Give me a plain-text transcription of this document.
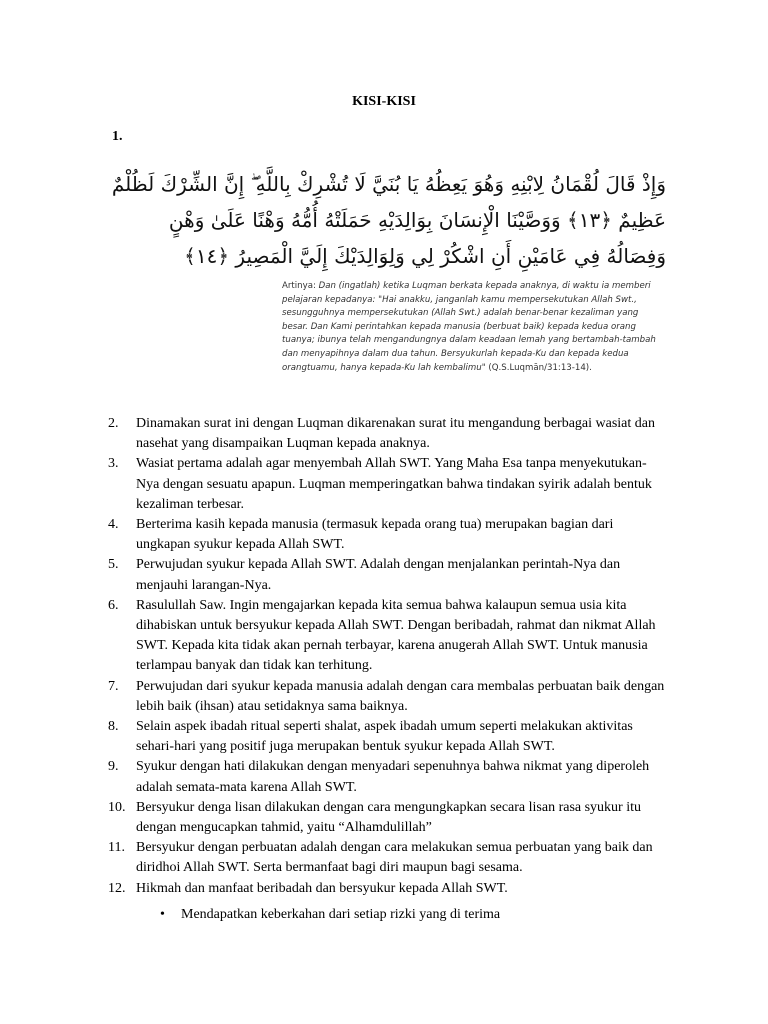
KISI-KISI
1.
وَإِذْ قَالَ لُقْمَانُ لِابْنِهِ وَهُوَ يَعِظُهُ يَا بُنَيَّ لَا تُشْرِكْ بِاللَّهِ ۖ إِنَّ الشِّرْكَ لَظُلْمٌ
عَظِيمٌ ﴿١٣﴾ وَوَصَّيْنَا الْإِنسَانَ بِوَالِدَيْهِ حَمَلَتْهُ أُمُّهُ وَهْنًا عَلَىٰ وَهْنٍ
وَفِصَالُهُ فِي عَامَيْنِ أَنِ اشْكُرْ لِي وَلِوَالِدَيْكَ إِلَيَّ الْمَصِيرُ ﴿١٤﴾
Artinya: Dan (ingatlah) ketika Luqman berkata kepada anaknya, di waktu ia memberi pelajaran kepadanya: "Hai anakku, janganlah kamu mempersekutukan Allah Swt., sesungguhnya mempersekutukan (Allah Swt.) adalah benar-benar kezaliman yang besar. Dan Kami perintahkan kepada manusia (berbuat baik) kepada kedua orang tuanya; ibunya telah mengandungnya dalam keadaan lemah yang bertambah-tambah dan menyapihnya dalam dua tahun. Bersyukurlah kepada-Ku dan kepada kedua orangtuamu, hanya kepada-Ku lah kembalimu" (Q.S.Luqmān/31:13-14).
2.	Dinamakan surat ini dengan Luqman dikarenakan surat itu mengandung berbagai wasiat dan nasehat yang disampaikan Luqman kepada anaknya.
3.	Wasiat pertama adalah agar menyembah Allah SWT. Yang Maha Esa tanpa menyekutukan-Nya dengan sesuatu apapun. Luqman memperingatkan bahwa tindakan syirik adalah bentuk kezaliman terbesar.
4.	Berterima kasih kepada manusia (termasuk kepada orang tua) merupakan bagian dari ungkapan syukur kepada Allah SWT.
5.	Perwujudan syukur kepada Allah SWT. Adalah dengan menjalankan perintah-Nya dan menjauhi larangan-Nya.
6.	Rasulullah Saw. Ingin mengajarkan kepada kita semua bahwa kalaupun semua usia kita dihabiskan untuk bersyukur kepada Allah SWT. Dengan beribadah, rahmat dan nikmat Allah SWT. Kepada kita tidak akan pernah terbayar, karena anugerah Allah SWT. Untuk manusia terlampau banyak dan tidak kan terhitung.
7.	Perwujudan dari syukur kepada manusia adalah dengan cara membalas perbuatan baik dengan lebih baik (ihsan) atau setidaknya sama baiknya.
8.	Selain aspek ibadah ritual seperti shalat, aspek ibadah umum seperti melakukan aktivitas sehari-hari yang positif juga merupakan bentuk syukur kepada Allah SWT.
9.	Syukur dengan hati dilakukan dengan menyadari sepenuhnya bahwa nikmat yang diperoleh adalah semata-mata karena Allah SWT.
10. Bersyukur denga lisan dilakukan dengan cara mengungkapkan secara lisan rasa syukur itu dengan mengucapkan tahmid, yaitu “Alhamdulillah”
11. Bersyukur dengan perbuatan adalah dengan cara melakukan semua perbuatan yang baik dan diridhoi Allah SWT. Serta bermanfaat bagi diri maupun bagi sesama.
12. Hikmah dan manfaat beribadah dan bersyukur kepada Allah SWT.
•	Mendapatkan keberkahan dari setiap rizki yang di terima
